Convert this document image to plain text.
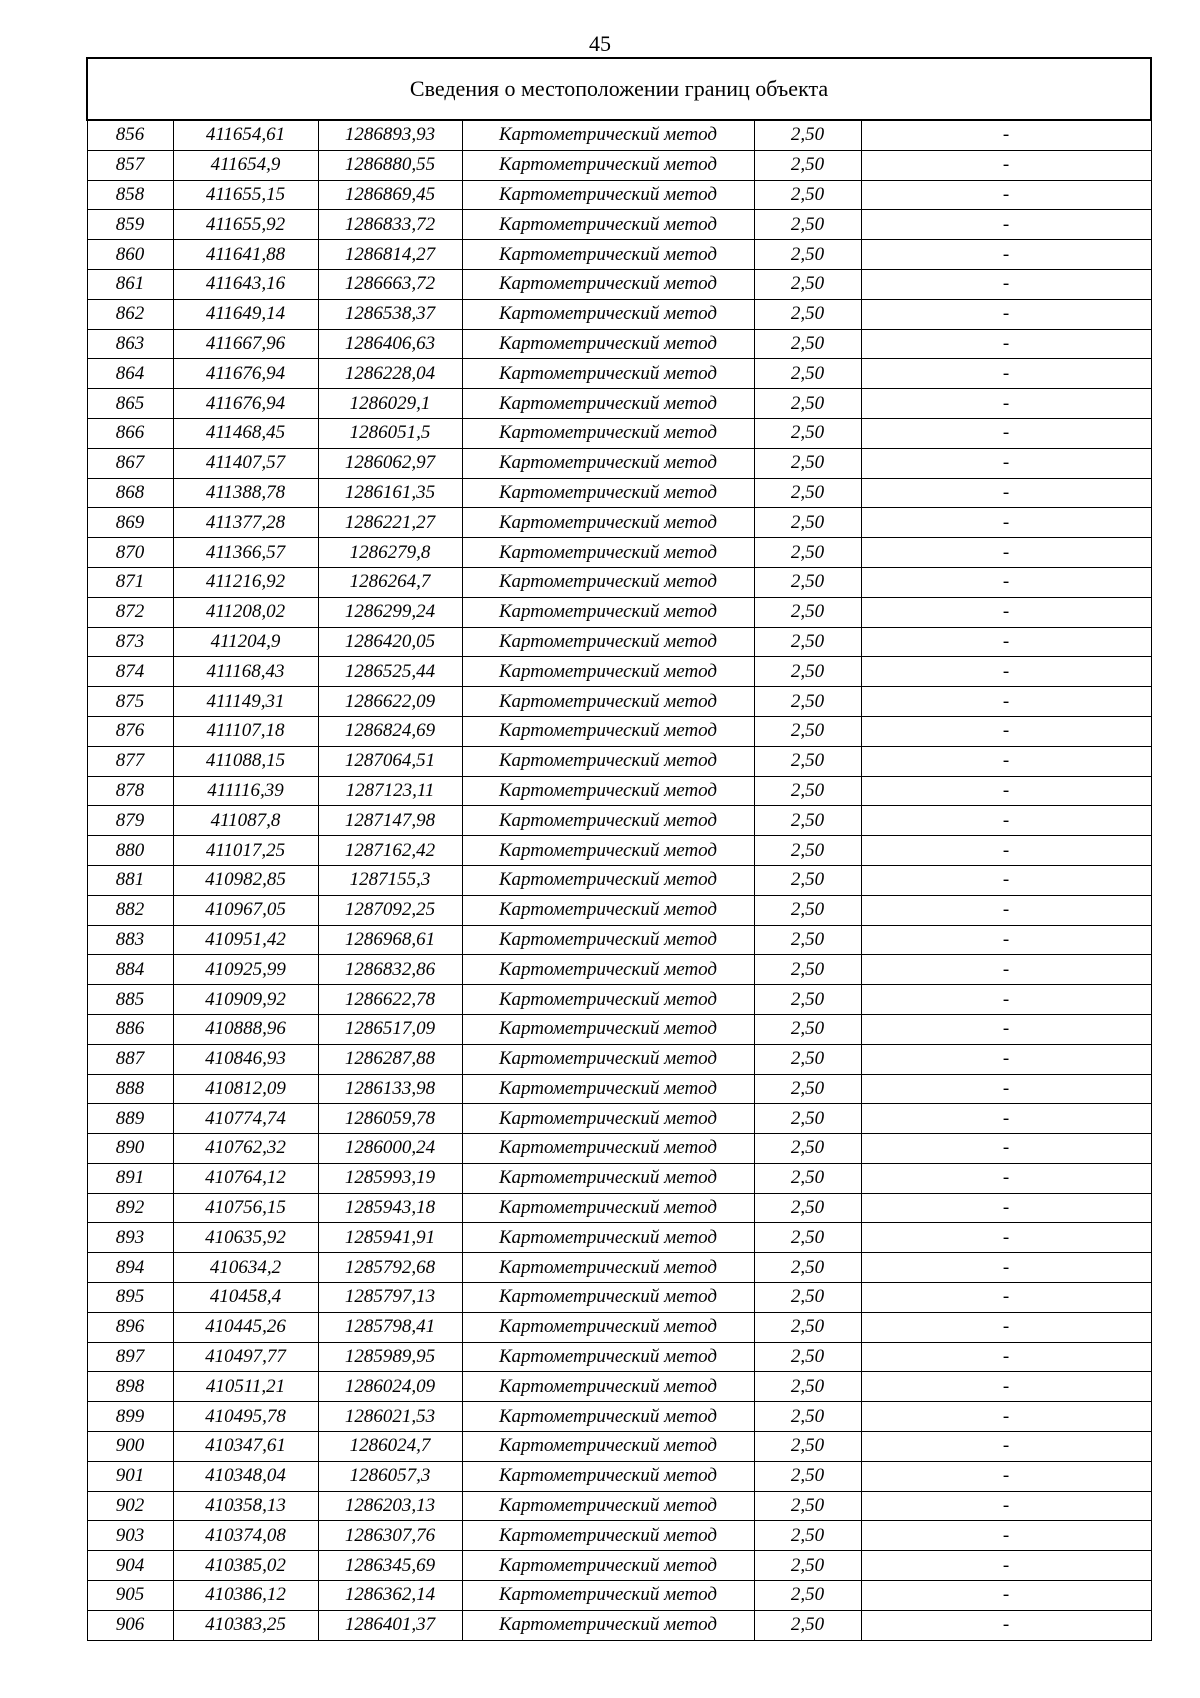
45
Сведения о местоположении границ объекта					
856	411654,61	1286893,93	Картометрический метод	2,50	-
857	411654,9	1286880,55	Картометрический метод	2,50	-
858	411655,15	1286869,45	Картометрический метод	2,50	-
859	411655,92	1286833,72	Картометрический метод	2,50	-
860	411641,88	1286814,27	Картометрический метод	2,50	-
861	411643,16	1286663,72	Картометрический метод	2,50	-
862	411649,14	1286538,37	Картометрический метод	2,50	-
863	411667,96	1286406,63	Картометрический метод	2,50	-
864	411676,94	1286228,04	Картометрический метод	2,50	-
865	411676,94	1286029,1	Картометрический метод	2,50	-
866	411468,45	1286051,5	Картометрический метод	2,50	-
867	411407,57	1286062,97	Картометрический метод	2,50	-
868	411388,78	1286161,35	Картометрический метод	2,50	-
869	411377,28	1286221,27	Картометрический метод	2,50	-
870	411366,57	1286279,8	Картометрический метод	2,50	-
871	411216,92	1286264,7	Картометрический метод	2,50	-
872	411208,02	1286299,24	Картометрический метод	2,50	-
873	411204,9	1286420,05	Картометрический метод	2,50	-
874	411168,43	1286525,44	Картометрический метод	2,50	-
875	411149,31	1286622,09	Картометрический метод	2,50	-
876	411107,18	1286824,69	Картометрический метод	2,50	-
877	411088,15	1287064,51	Картометрический метод	2,50	-
878	411116,39	1287123,11	Картометрический метод	2,50	-
879	411087,8	1287147,98	Картометрический метод	2,50	-
880	411017,25	1287162,42	Картометрический метод	2,50	-
881	410982,85	1287155,3	Картометрический метод	2,50	-
882	410967,05	1287092,25	Картометрический метод	2,50	-
883	410951,42	1286968,61	Картометрический метод	2,50	-
884	410925,99	1286832,86	Картометрический метод	2,50	-
885	410909,92	1286622,78	Картометрический метод	2,50	-
886	410888,96	1286517,09	Картометрический метод	2,50	-
887	410846,93	1286287,88	Картометрический метод	2,50	-
888	410812,09	1286133,98	Картометрический метод	2,50	-
889	410774,74	1286059,78	Картометрический метод	2,50	-
890	410762,32	1286000,24	Картометрический метод	2,50	-
891	410764,12	1285993,19	Картометрический метод	2,50	-
892	410756,15	1285943,18	Картометрический метод	2,50	-
893	410635,92	1285941,91	Картометрический метод	2,50	-
894	410634,2	1285792,68	Картометрический метод	2,50	-
895	410458,4	1285797,13	Картометрический метод	2,50	-
896	410445,26	1285798,41	Картометрический метод	2,50	-
897	410497,77	1285989,95	Картометрический метод	2,50	-
898	410511,21	1286024,09	Картометрический метод	2,50	-
899	410495,78	1286021,53	Картометрический метод	2,50	-
900	410347,61	1286024,7	Картометрический метод	2,50	-
901	410348,04	1286057,3	Картометрический метод	2,50	-
902	410358,13	1286203,13	Картометрический метод	2,50	-
903	410374,08	1286307,76	Картометрический метод	2,50	-
904	410385,02	1286345,69	Картометрический метод	2,50	-
905	410386,12	1286362,14	Картометрический метод	2,50	-
906	410383,25	1286401,37	Картометрический метод	2,50	-
